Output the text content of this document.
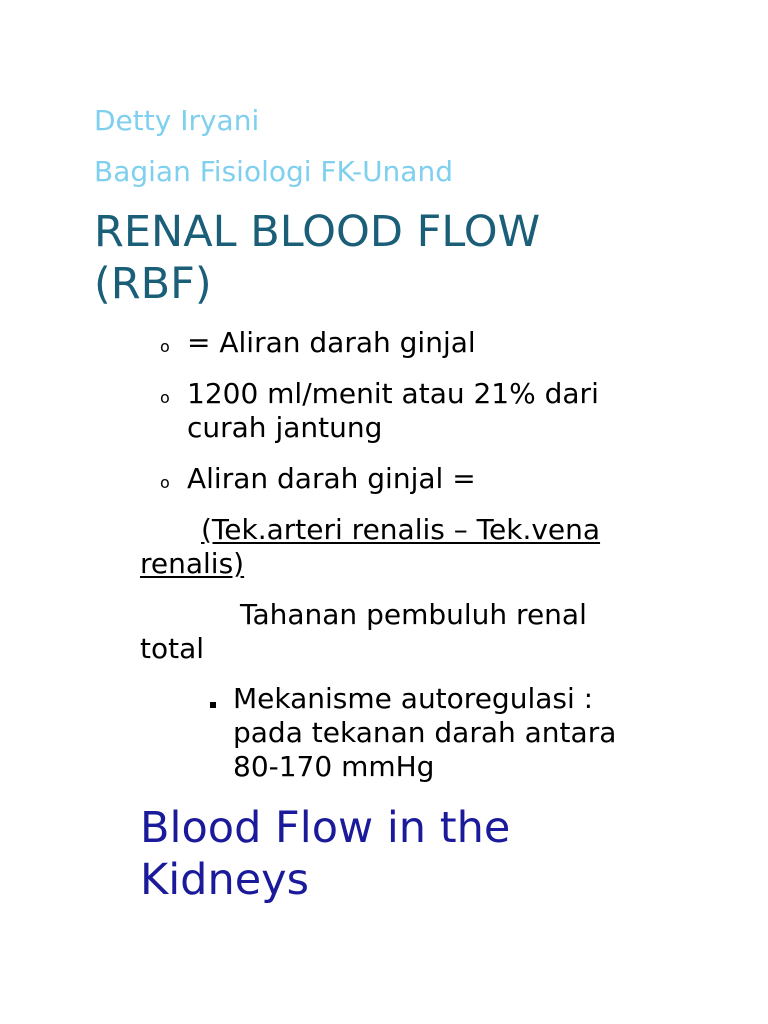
Detty Iryani
Bagian Fisiologi FK-Unand
RENAL BLOOD FLOW
(RBF)
o = Aliran darah ginjal
o 1200 ml/menit atau 21% dari
curah jantung
o Aliran darah ginjal =
(Tek.arteri renalis – Tek.vena
renalis)
Tahanan pembuluh renal
total
Mekanisme autoregulasi :
pada tekanan darah antara
80-170 mmHg
Blood Flow in the
Kidneys
